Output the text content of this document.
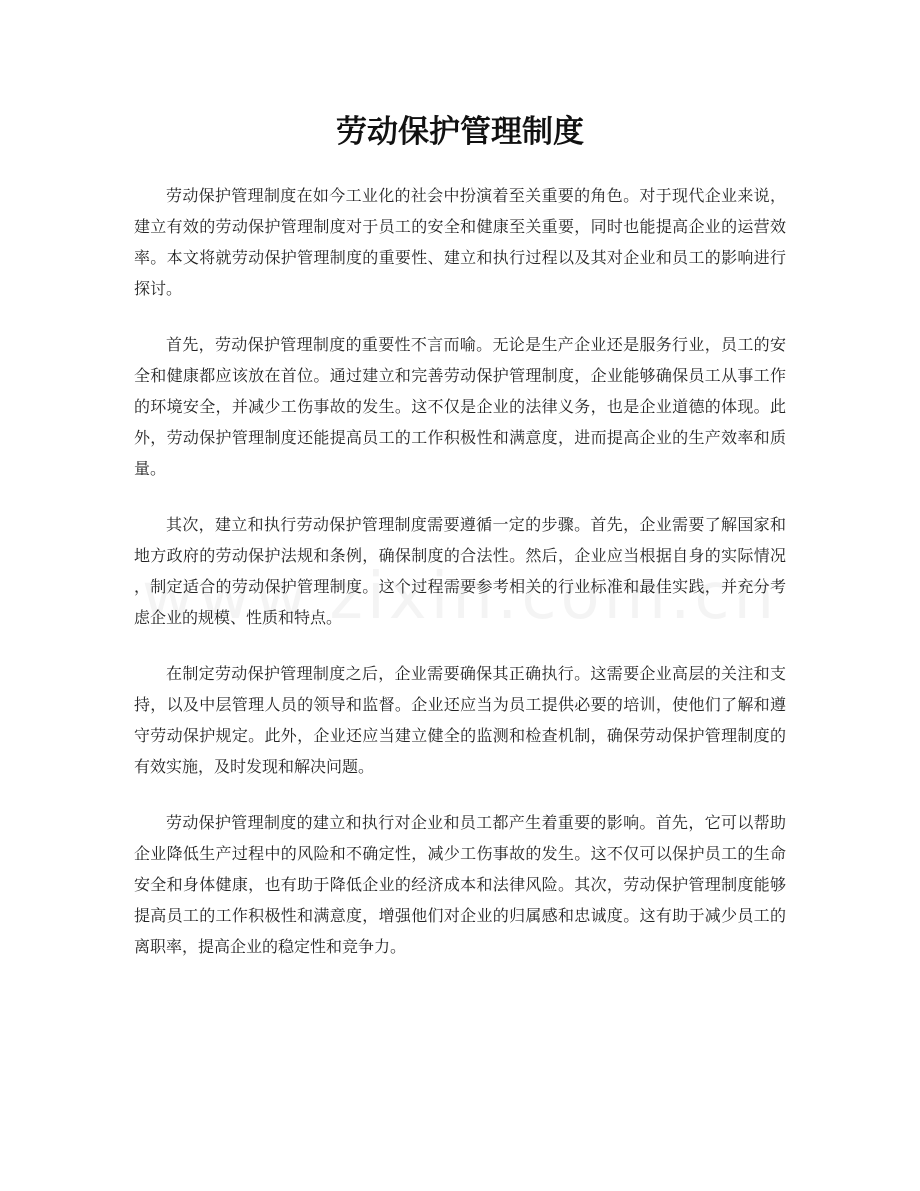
劳动保护管理制度

劳动保护管理制度在如今工业化的社会中扮演着至关重要的角色。对于现代企业来说，建立有效的劳动保护管理制度对于员工的安全和健康至关重要，同时也能提高企业的运营效率。本文将就劳动保护管理制度的重要性、建立和执行过程以及其对企业和员工的影响进行探讨。

首先，劳动保护管理制度的重要性不言而喻。无论是生产企业还是服务行业，员工的安全和健康都应该放在首位。通过建立和完善劳动保护管理制度，企业能够确保员工从事工作的环境安全，并减少工伤事故的发生。这不仅是企业的法律义务，也是企业道德的体现。此外，劳动保护管理制度还能提高员工的工作积极性和满意度，进而提高企业的生产效率和质量。

其次，建立和执行劳动保护管理制度需要遵循一定的步骤。首先，企业需要了解国家和地方政府的劳动保护法规和条例，确保制度的合法性。然后，企业应当根据自身的实际情况，制定适合的劳动保护管理制度。这个过程需要参考相关的行业标准和最佳实践，并充分考虑企业的规模、性质和特点。

在制定劳动保护管理制度之后，企业需要确保其正确执行。这需要企业高层的关注和支持，以及中层管理人员的领导和监督。企业还应当为员工提供必要的培训，使他们了解和遵守劳动保护规定。此外，企业还应当建立健全的监测和检查机制，确保劳动保护管理制度的有效实施，及时发现和解决问题。

劳动保护管理制度的建立和执行对企业和员工都产生着重要的影响。首先，它可以帮助企业降低生产过程中的风险和不确定性，减少工伤事故的发生。这不仅可以保护员工的生命安全和身体健康，也有助于降低企业的经济成本和法律风险。其次，劳动保护管理制度能够提高员工的工作积极性和满意度，增强他们对企业的归属感和忠诚度。这有助于减少员工的离职率，提高企业的稳定性和竞争力。
